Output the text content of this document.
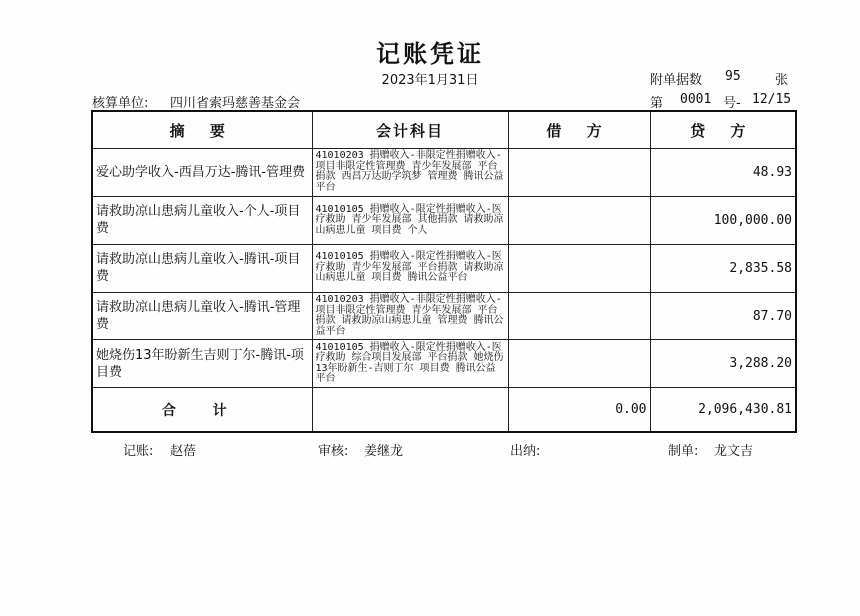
记账凭证
2023年1月31日	附单据数 95	张
核算单位: 四川省索玛慈善基金会	第 0001 号- 12/15
摘 要	会计科目	借 方	贷 方
爱心助学收入-西昌万达-腾讯-管理费	41010203 捐赠收入-非限定性捐赠收入-项目非限定性管理费 青少年发展部 平台捐款 西昌万达助学筑梦 管理费 腾讯公益平台		48.93
请救助凉山患病儿童收入-个人-项目费	41010105 捐赠收入-限定性捐赠收入-医疗救助 青少年发展部 其他捐款 请救助凉山病患儿童 项目费 个人		100,000.00
请救助凉山患病儿童收入-腾讯-项目费	41010105 捐赠收入-限定性捐赠收入-医疗救助 青少年发展部 平台捐款 请救助凉山病患儿童 项目费 腾讯公益平台		2,835.58
请救助凉山患病儿童收入-腾讯-管理费	41010203 捐赠收入-非限定性捐赠收入-项目非限定性管理费 青少年发展部 平台捐款 请救助凉山病患儿童 管理费 腾讯公益平台		87.70
她烧伤13年盼新生吉则丁尔-腾讯-项目费	41010105 捐赠收入-限定性捐赠收入-医疗救助 综合项目发展部 平台捐款 她烧伤13年盼新生-吉则丁尔 项目费 腾讯公益平台		3,288.20
合 计		0.00	2,096,430.81
记账: 赵蓓	审核: 姜继龙	出纳:	制单: 龙文吉
